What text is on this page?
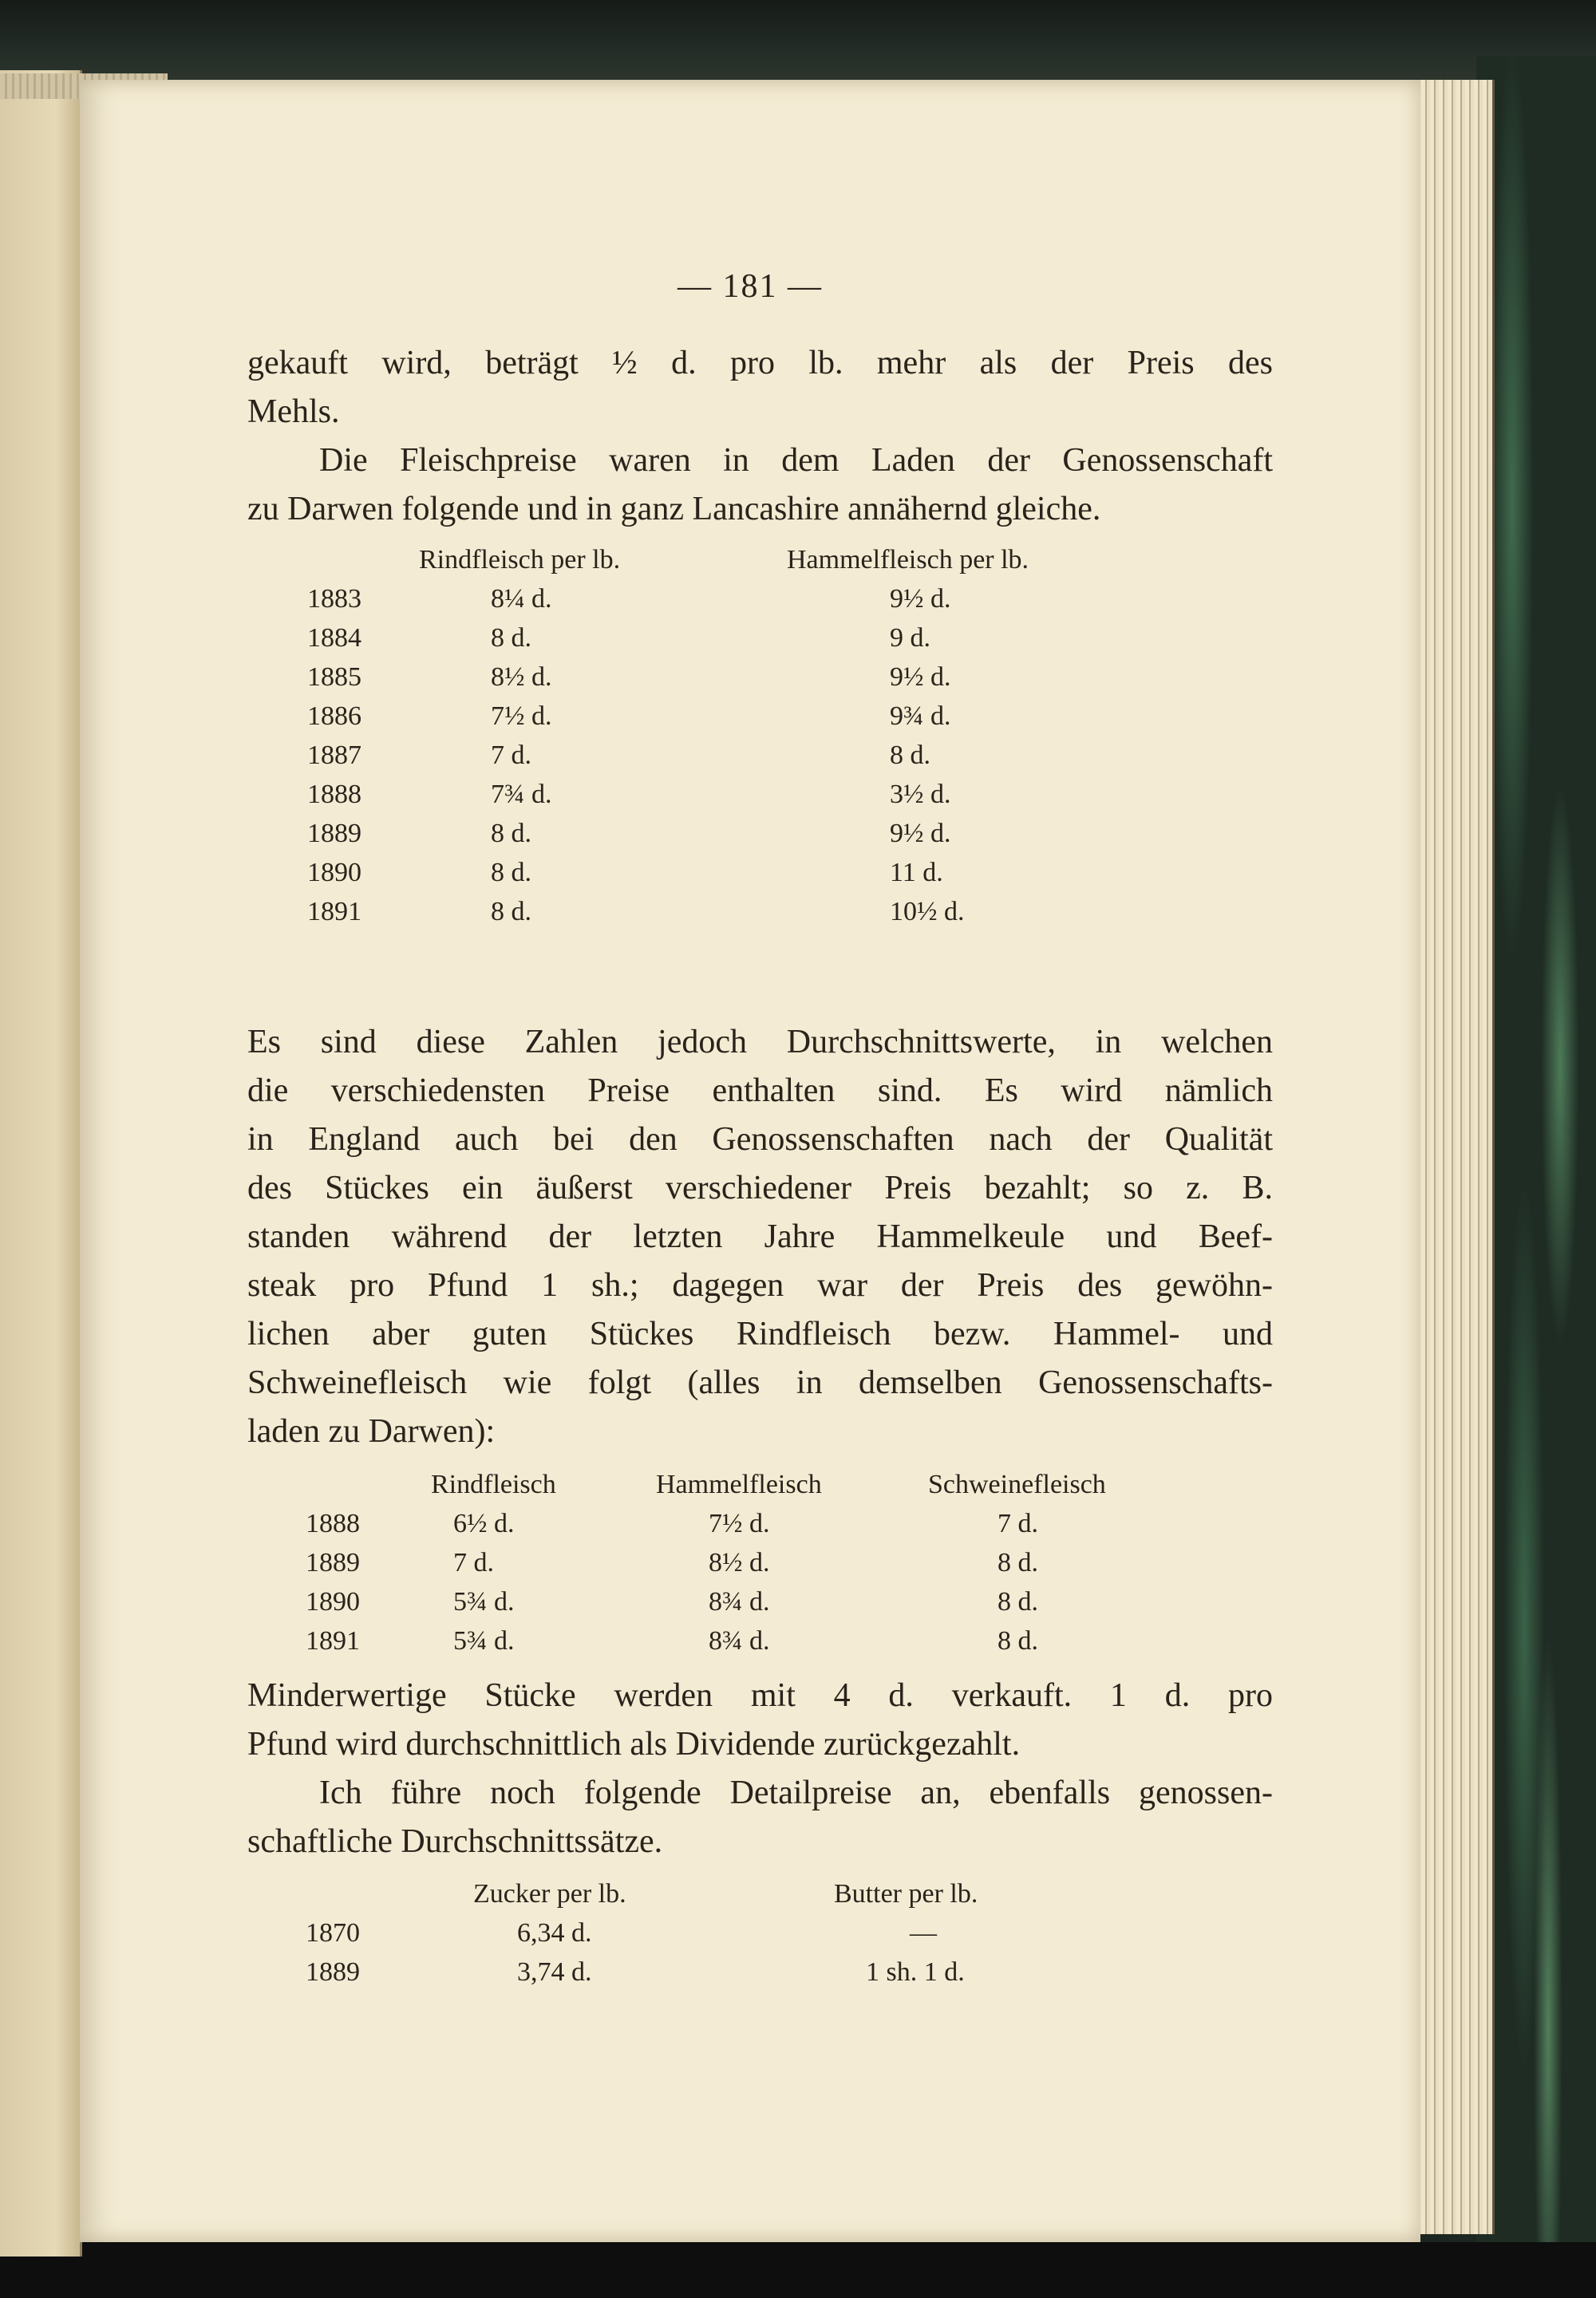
— 181 —
gekauft wird, beträgt ½ d. pro lb. mehr als der Preis des
Mehls.
Die Fleischpreise waren in dem Laden der Genossenschaft
zu Darwen folgende und in ganz Lancashire annähernd gleiche.
Rindfleisch per lb.	Hammelfleisch per lb.
1883	8¼ d.	9½ d.
1884	8 d.	9 d.
1885	8½ d.	9½ d.
1886	7½ d.	9¾ d.
1887	7 d.	8 d.
1888	7¾ d.	3½ d.
1889	8 d.	9½ d.
1890	8 d.	11 d.
1891	8 d.	10½ d.
Es sind diese Zahlen jedoch Durchschnittswerte, in welchen
die verschiedensten Preise enthalten sind. Es wird nämlich
in England auch bei den Genossenschaften nach der Qualität
des Stückes ein äußerst verschiedener Preis bezahlt; so z. B.
standen während der letzten Jahre Hammelkeule und Beef-
steak pro Pfund 1 sh.; dagegen war der Preis des gewöhn-
lichen aber guten Stückes Rindfleisch bezw. Hammel- und
Schweinefleisch wie folgt (alles in demselben Genossenschafts-
laden zu Darwen):
Rindfleisch	Hammelfleisch	Schweinefleisch
1888	6½ d.	7½ d.	7 d.
1889	7 d.	8½ d.	8 d.
1890	5¾ d.	8¾ d.	8 d.
1891	5¾ d.	8¾ d.	8 d.
Minderwertige Stücke werden mit 4 d. verkauft. 1 d. pro
Pfund wird durchschnittlich als Dividende zurückgezahlt.
Ich führe noch folgende Detailpreise an, ebenfalls genossen-
schaftliche Durchschnittssätze.
Zucker per lb.	Butter per lb.
1870	6,34 d.	—
1889	3,74 d.	1 sh. 1 d.
